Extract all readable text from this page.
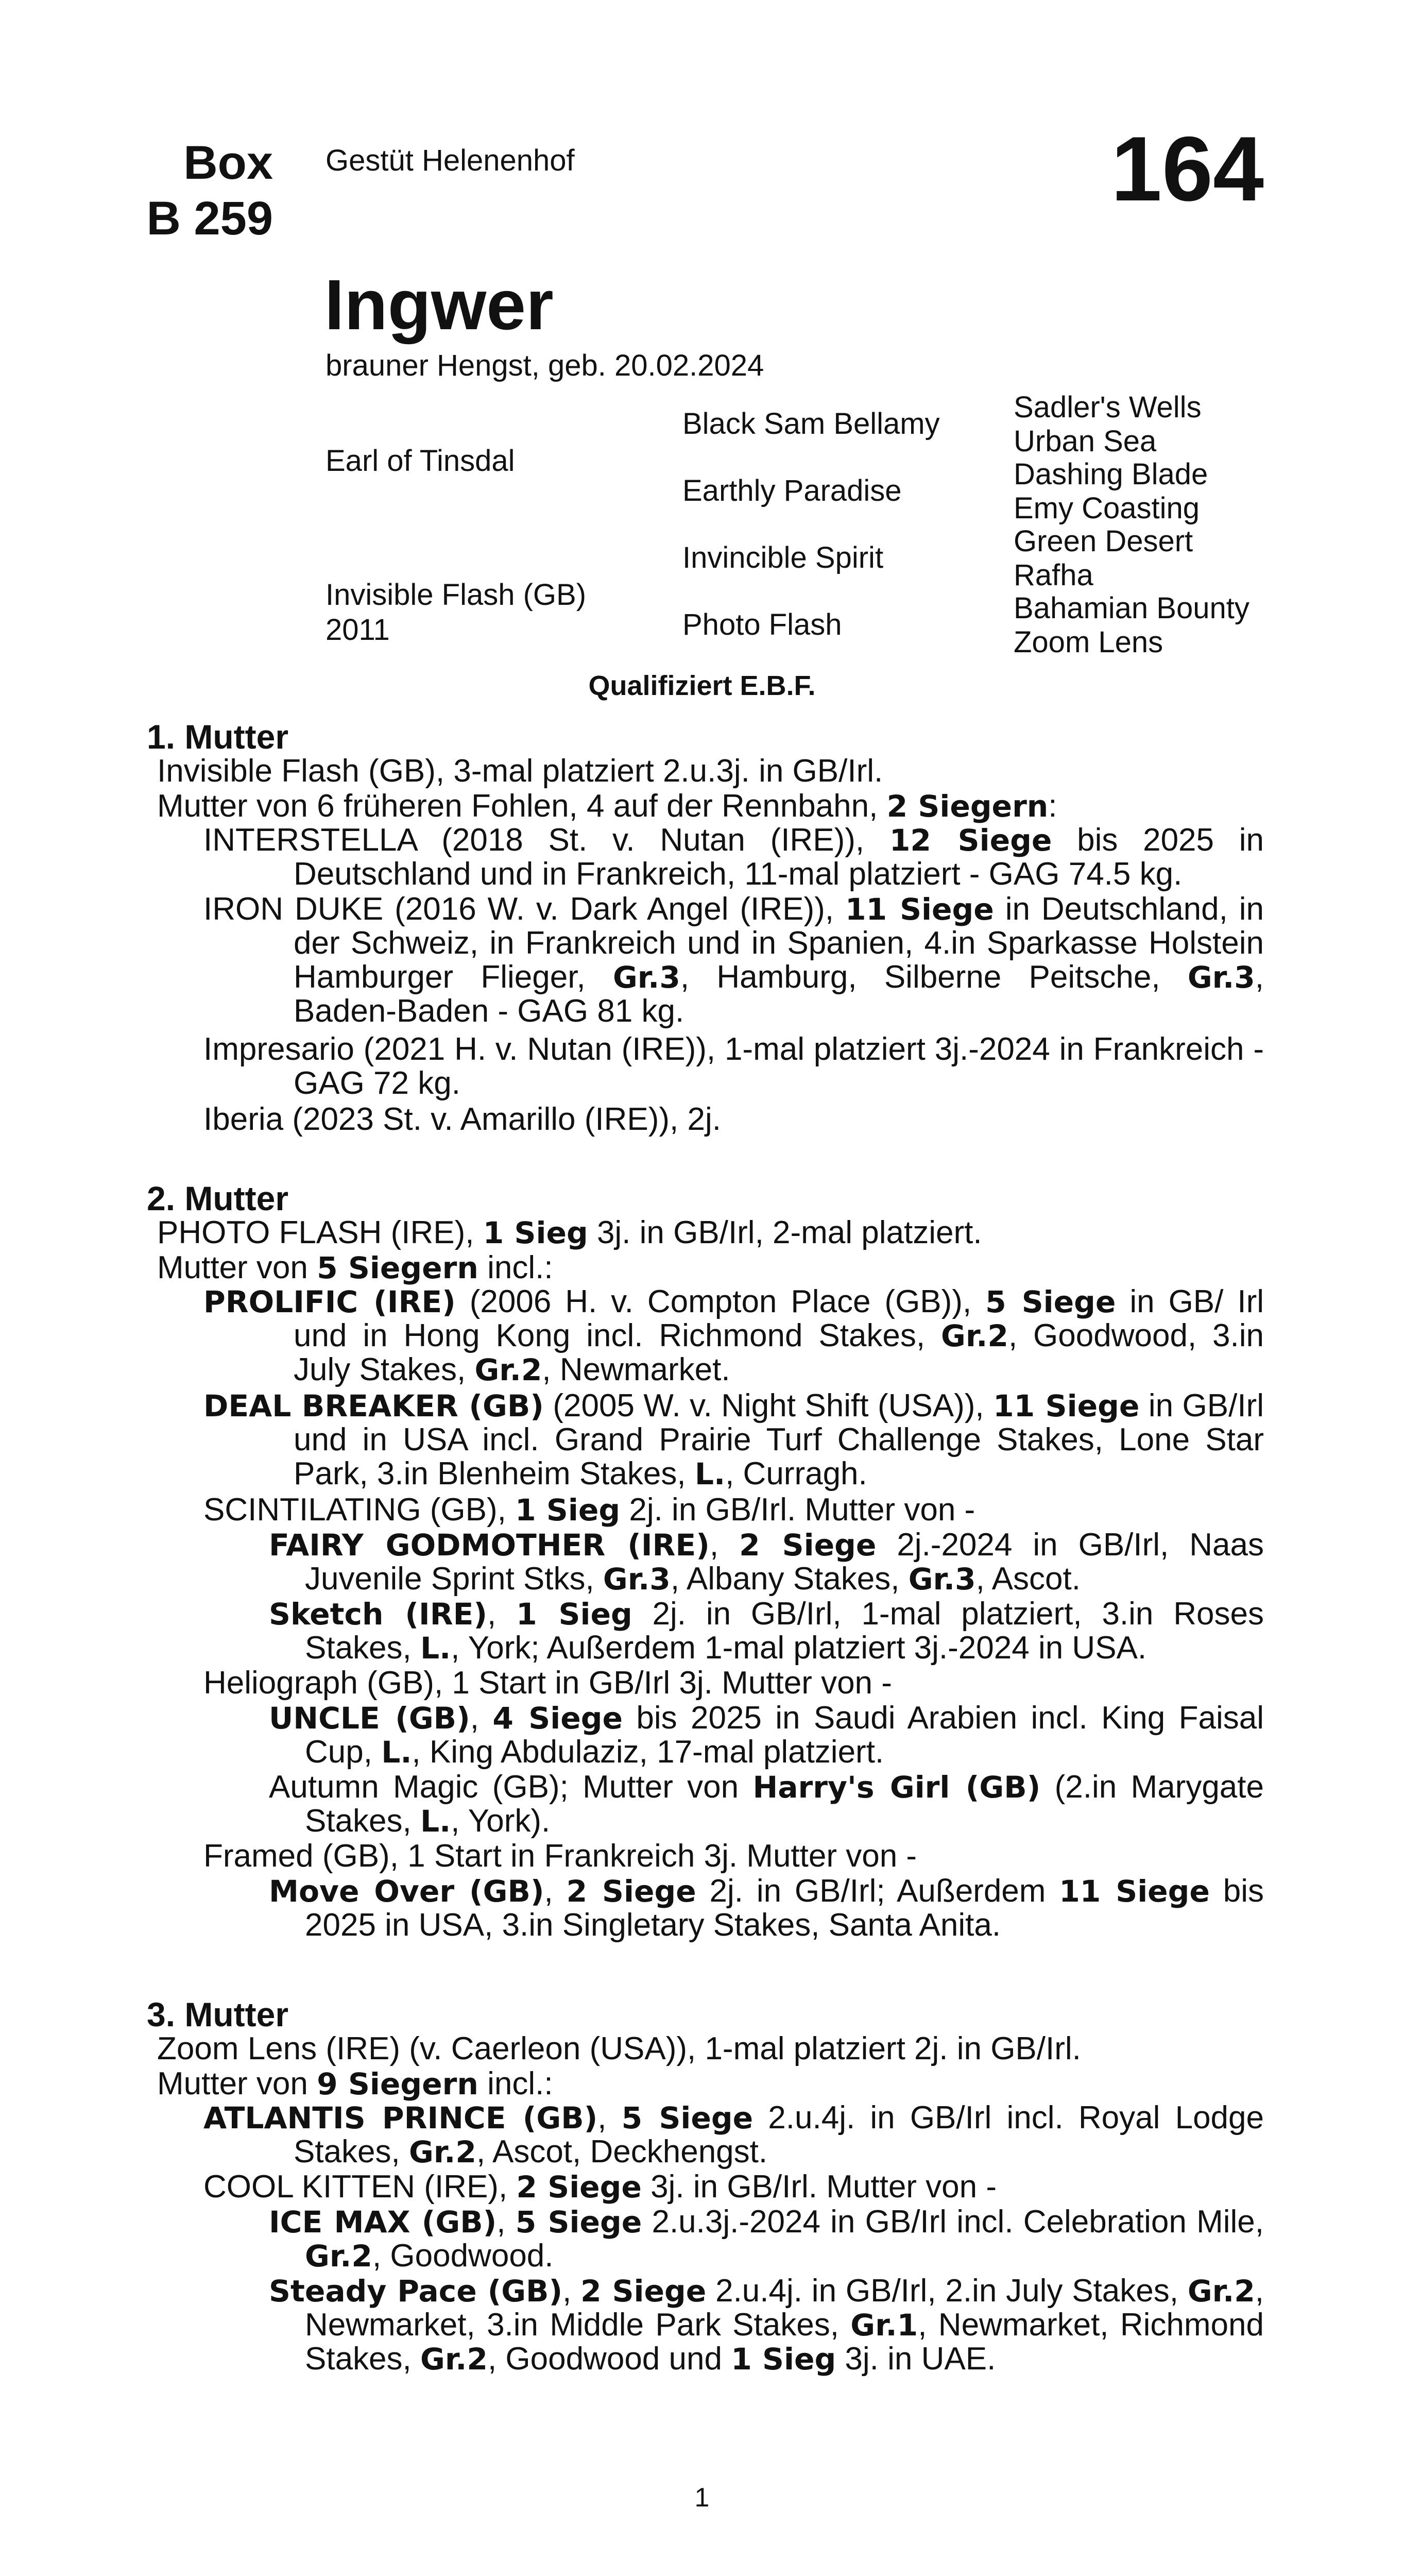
Box
B 259
Gestüt Helenenhof	164
Ingwer
brauner Hengst, geb. 20.02.2024
Earl of Tinsdal
Invisible Flash (GB)
2011
Black Sam Bellamy
Earthly Paradise
Invincible Spirit
Photo Flash
Sadler's Wells
Urban Sea
Dashing Blade
Emy Coasting
Green Desert
Rafha
Bahamian Bounty
Zoom Lens
Qualifiziert E.B.F.
1. Mutter
Invisible Flash (GB), 3-mal platziert 2.u.3j. in GB/Irl.
Mutter von 6 früheren Fohlen, 4 auf der Rennbahn, 2 Siegern:
INTERSTELLA (2018 St. v. Nutan (IRE)), 12 Siege bis 2025 in Deutschland und in Frankreich, 11-mal platziert - GAG 74.5 kg.
IRON DUKE (2016 W. v. Dark Angel (IRE)), 11 Siege in Deutschland, in der Schweiz, in Frankreich und in Spanien, 4.in Sparkasse Holstein Hamburger Flieger, Gr.3, Hamburg, Silberne Peitsche, Gr.3, Baden-Baden - GAG 81 kg.
Impresario (2021 H. v. Nutan (IRE)), 1-mal platziert 3j.-2024 in Frankreich - GAG 72 kg.
Iberia (2023 St. v. Amarillo (IRE)), 2j.
2. Mutter
PHOTO FLASH (IRE), 1 Sieg 3j. in GB/Irl, 2-mal platziert.
Mutter von 5 Siegern incl.:
PROLIFIC (IRE) (2006 H. v. Compton Place (GB)), 5 Siege in GB/ Irl und in Hong Kong incl. Richmond Stakes, Gr.2, Goodwood, 3.in July Stakes, Gr.2, Newmarket.
DEAL BREAKER (GB) (2005 W. v. Night Shift (USA)), 11 Siege in GB/Irl und in USA incl. Grand Prairie Turf Challenge Stakes, Lone Star Park, 3.in Blenheim Stakes, L., Curragh.
SCINTILATING (GB), 1 Sieg 2j. in GB/Irl. Mutter von -
FAIRY GODMOTHER (IRE), 2 Siege 2j.-2024 in GB/Irl, Naas Juvenile Sprint Stks, Gr.3, Albany Stakes, Gr.3, Ascot.
Sketch (IRE), 1 Sieg 2j. in GB/Irl, 1-mal platziert, 3.in Roses Stakes, L., York; Außerdem 1-mal platziert 3j.-2024 in USA.
Heliograph (GB), 1 Start in GB/Irl 3j. Mutter von -
UNCLE (GB), 4 Siege bis 2025 in Saudi Arabien incl. King Faisal Cup, L., King Abdulaziz, 17-mal platziert.
Autumn Magic (GB); Mutter von Harry's Girl (GB) (2.in Marygate Stakes, L., York).
Framed (GB), 1 Start in Frankreich 3j. Mutter von -
Move Over (GB), 2 Siege 2j. in GB/Irl; Außerdem 11 Siege bis 2025 in USA, 3.in Singletary Stakes, Santa Anita.
3. Mutter
Zoom Lens (IRE) (v. Caerleon (USA)), 1-mal platziert 2j. in GB/Irl.
Mutter von 9 Siegern incl.:
ATLANTIS PRINCE (GB), 5 Siege 2.u.4j. in GB/Irl incl. Royal Lodge Stakes, Gr.2, Ascot, Deckhengst.
COOL KITTEN (IRE), 2 Siege 3j. in GB/Irl. Mutter von -
ICE MAX (GB), 5 Siege 2.u.3j.-2024 in GB/Irl incl. Celebration Mile, Gr.2, Goodwood.
Steady Pace (GB), 2 Siege 2.u.4j. in GB/Irl, 2.in July Stakes, Gr.2, Newmarket, 3.in Middle Park Stakes, Gr.1, Newmarket, Richmond Stakes, Gr.2, Goodwood und 1 Sieg 3j. in UAE.
1
